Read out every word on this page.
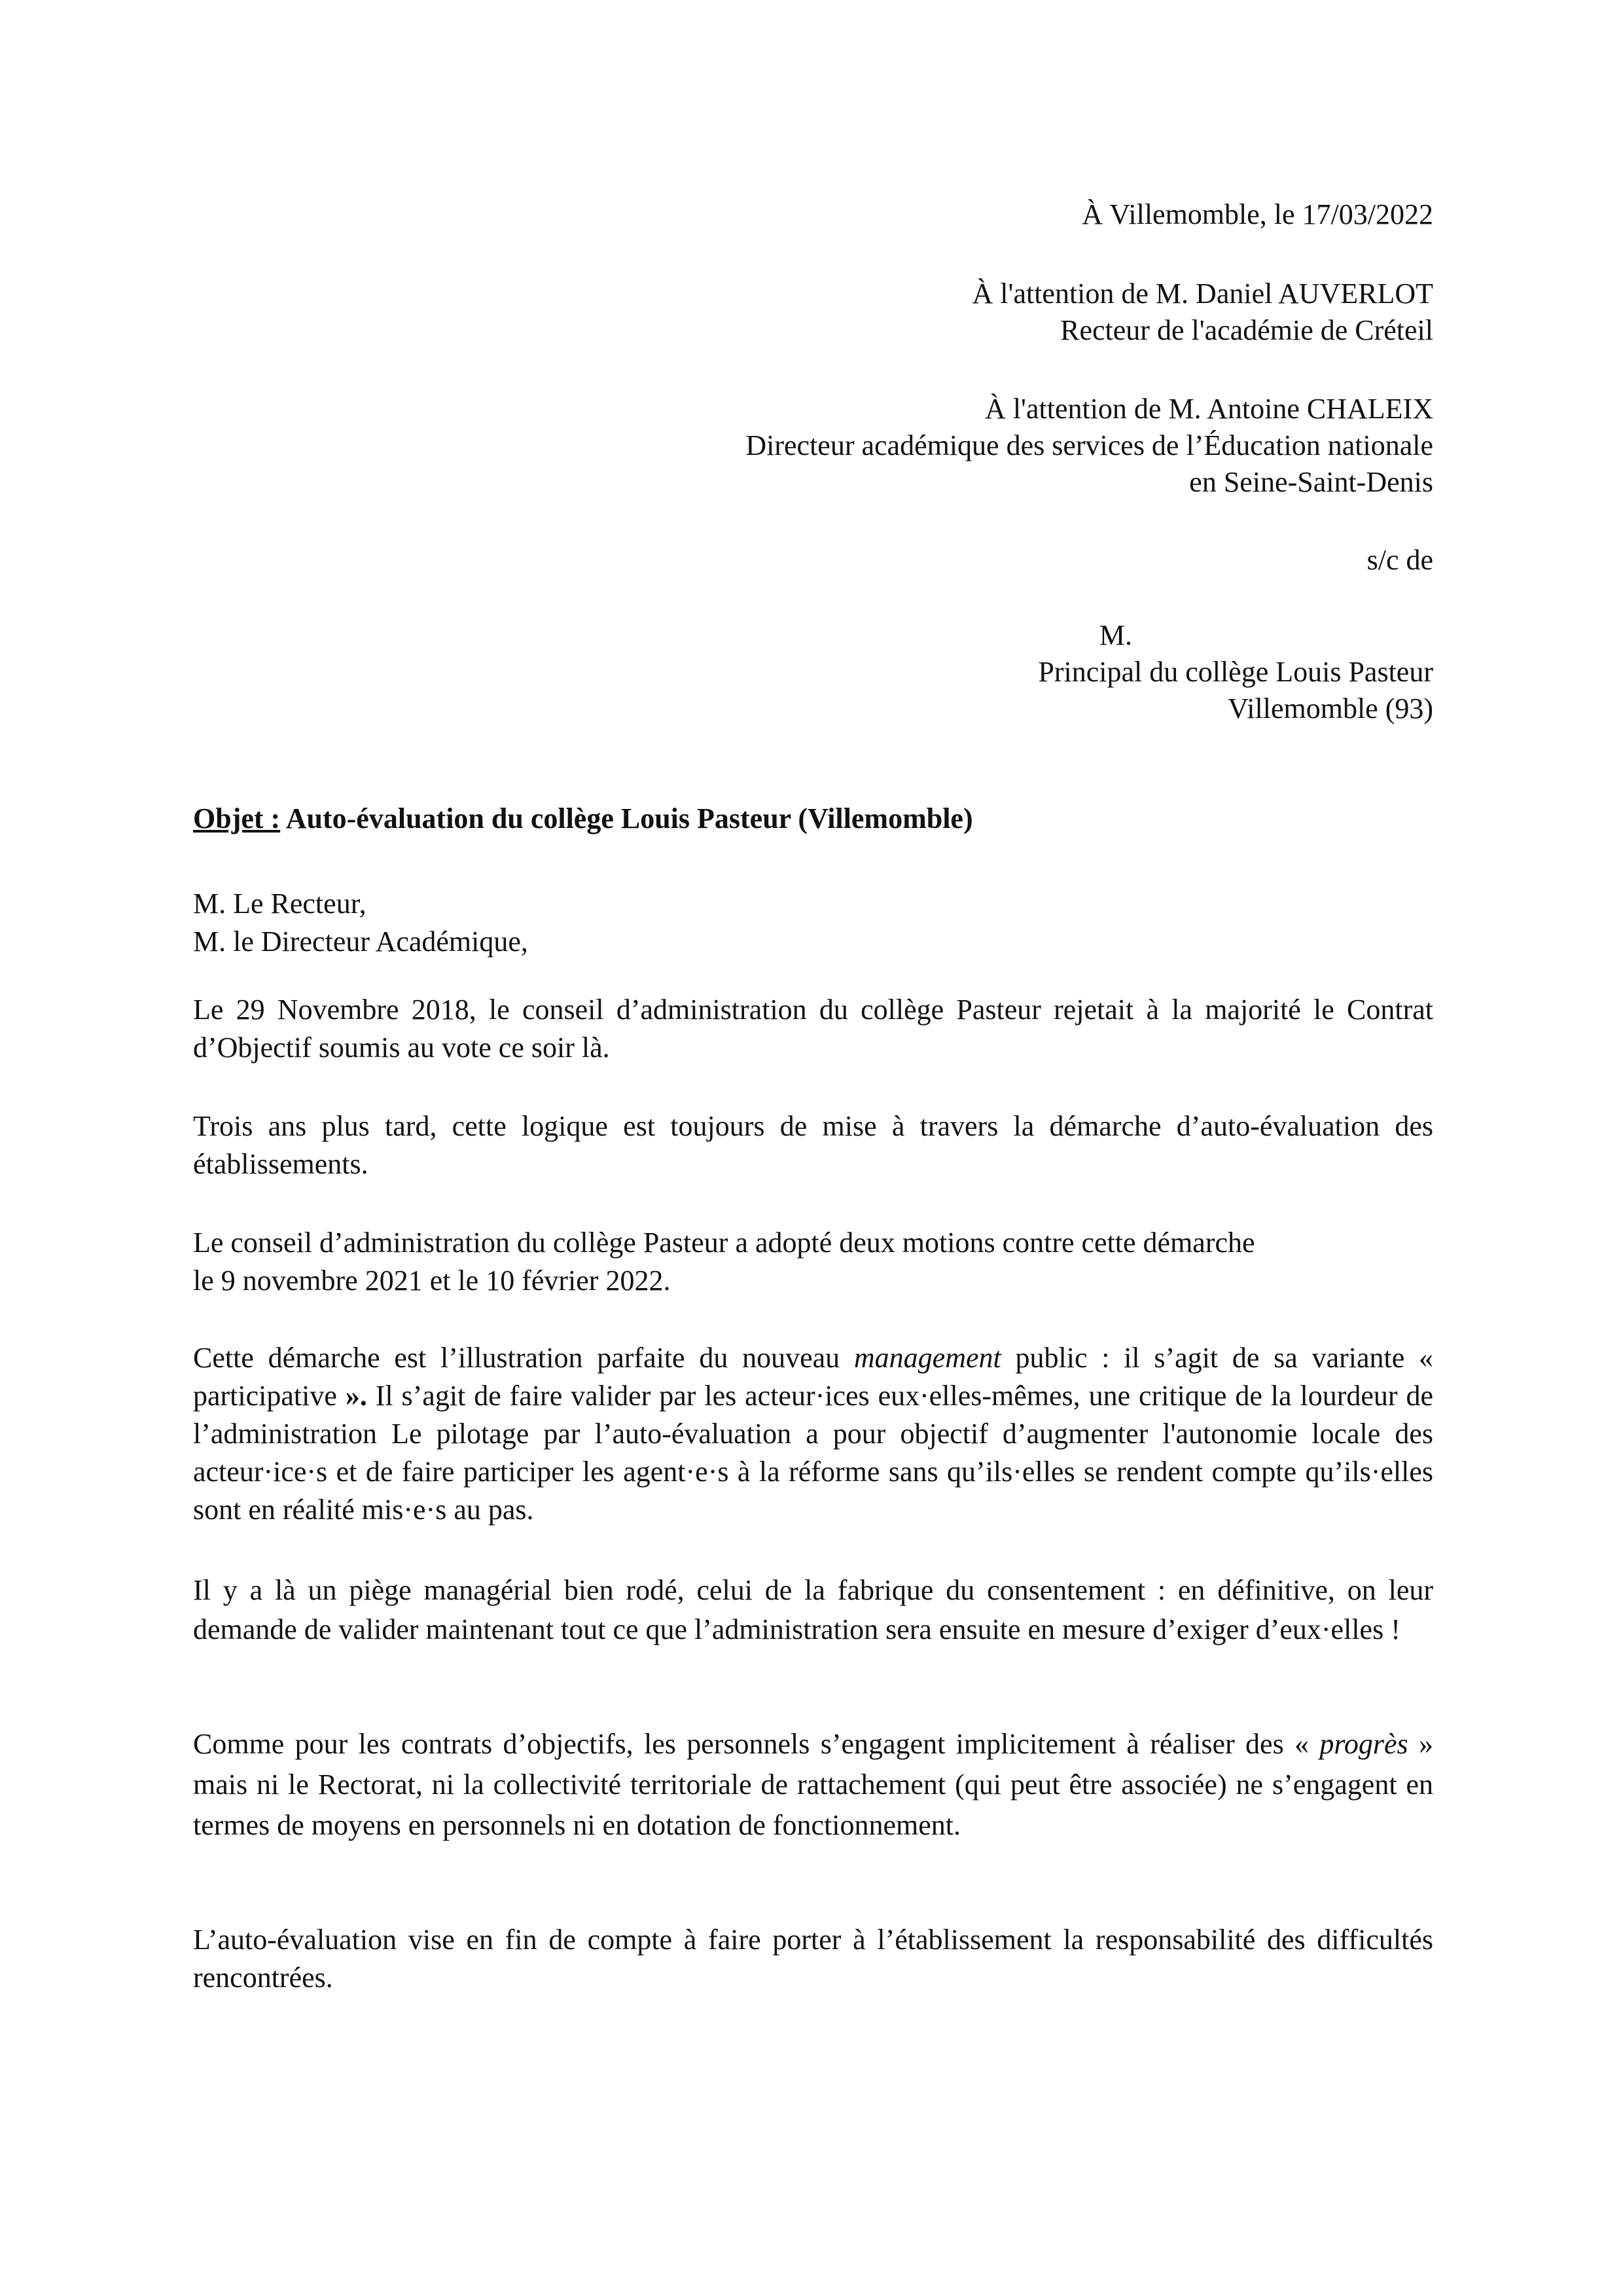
À Villemomble, le 17/03/2022
À l'attention de M. Daniel AUVERLOT
Recteur de l'académie de Créteil
À l'attention de M. Antoine CHALEIX
Directeur académique des services de l’Éducation nationale
en Seine-Saint-Denis
s/c de
M.
Principal du collège Louis Pasteur
Villemomble (93)
Objet : Auto-évaluation du collège Louis Pasteur (Villemomble)
M. Le Recteur,
M. le Directeur Académique,
Le 29 Novembre 2018, le conseil d’administration du collège Pasteur rejetait à la majorité le Contrat d’Objectif soumis au vote ce soir là.
Trois ans plus tard, cette logique est toujours de mise à travers la démarche d’auto-évaluation des établissements.
Le conseil d’administration du collège Pasteur a adopté deux motions contre cette démarche
le 9 novembre 2021 et le 10 février 2022.
Cette démarche est l’illustration parfaite du nouveau management public : il s’agit de sa variante « participative ». Il s’agit de faire valider par les acteur·ices eux·elles-mêmes, une critique de la lourdeur de l’administration Le pilotage par l’auto-évaluation a pour objectif d’augmenter l'autonomie locale des acteur·ice·s et de faire participer les agent·e·s à la réforme sans qu’ils·elles se rendent compte qu’ils·elles sont en réalité mis·e·s au pas.
Il y a là un piège managérial bien rodé, celui de la fabrique du consentement : en définitive, on leur demande de valider maintenant tout ce que l’administration sera ensuite en mesure d’exiger d’eux·elles !
Comme pour les contrats d’objectifs, les personnels s’engagent implicitement à réaliser des « progrès » mais ni le Rectorat, ni la collectivité territoriale de rattachement (qui peut être associée) ne s’engagent en termes de moyens en personnels ni en dotation de fonctionnement.
L’auto-évaluation vise en fin de compte à faire porter à l’établissement la responsabilité des difficultés rencontrées.
